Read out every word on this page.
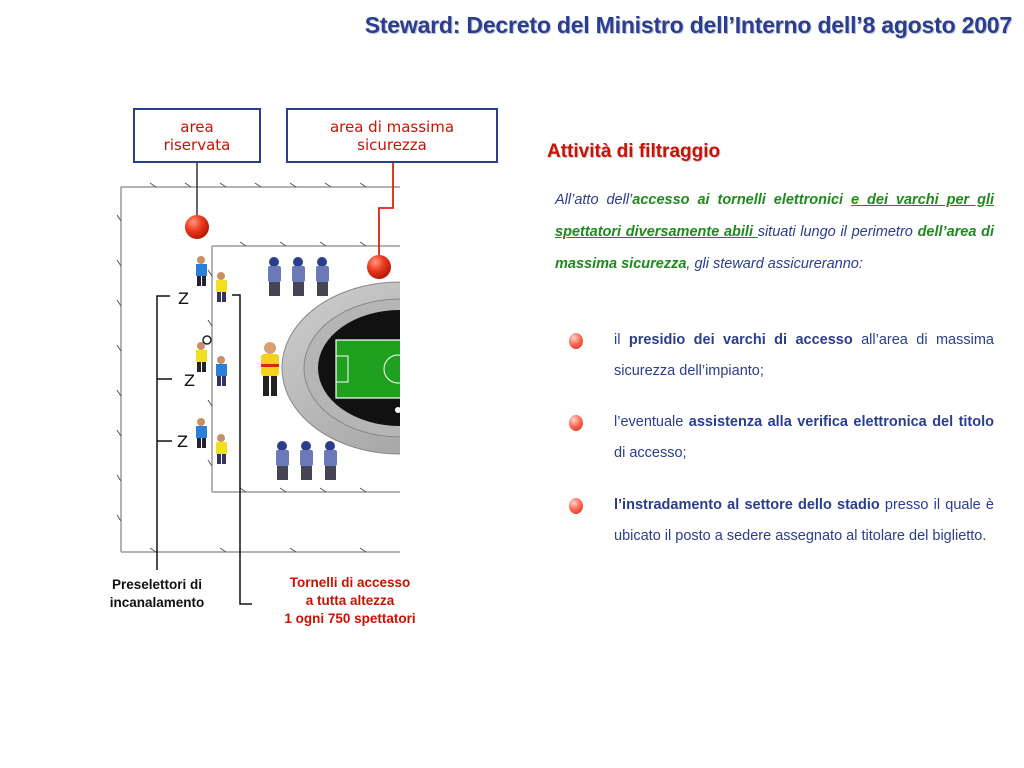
Steward: Decreto del Ministro dell’Interno dell’8 agosto 2007
Z
Z
Z
area
riservata
area di massima
sicurezza
Preselettori di
incanalamento
Tornelli di accesso
a tutta altezza
1 ogni 750 spettatori
Attività di filtraggio
All’atto dell’accesso ai tornelli elettronici e dei varchi per gli spettatori diversamente abili situati lungo il perimetro dell’area di massima sicurezza, gli steward assicureranno:
il presidio dei varchi di accesso all’area di massima sicurezza dell’impianto;
l’eventuale assistenza alla verifica elettronica del titolo di accesso;
l’instradamento al settore dello stadio presso il quale è ubicato il posto a sedere assegnato al titolare del biglietto.
